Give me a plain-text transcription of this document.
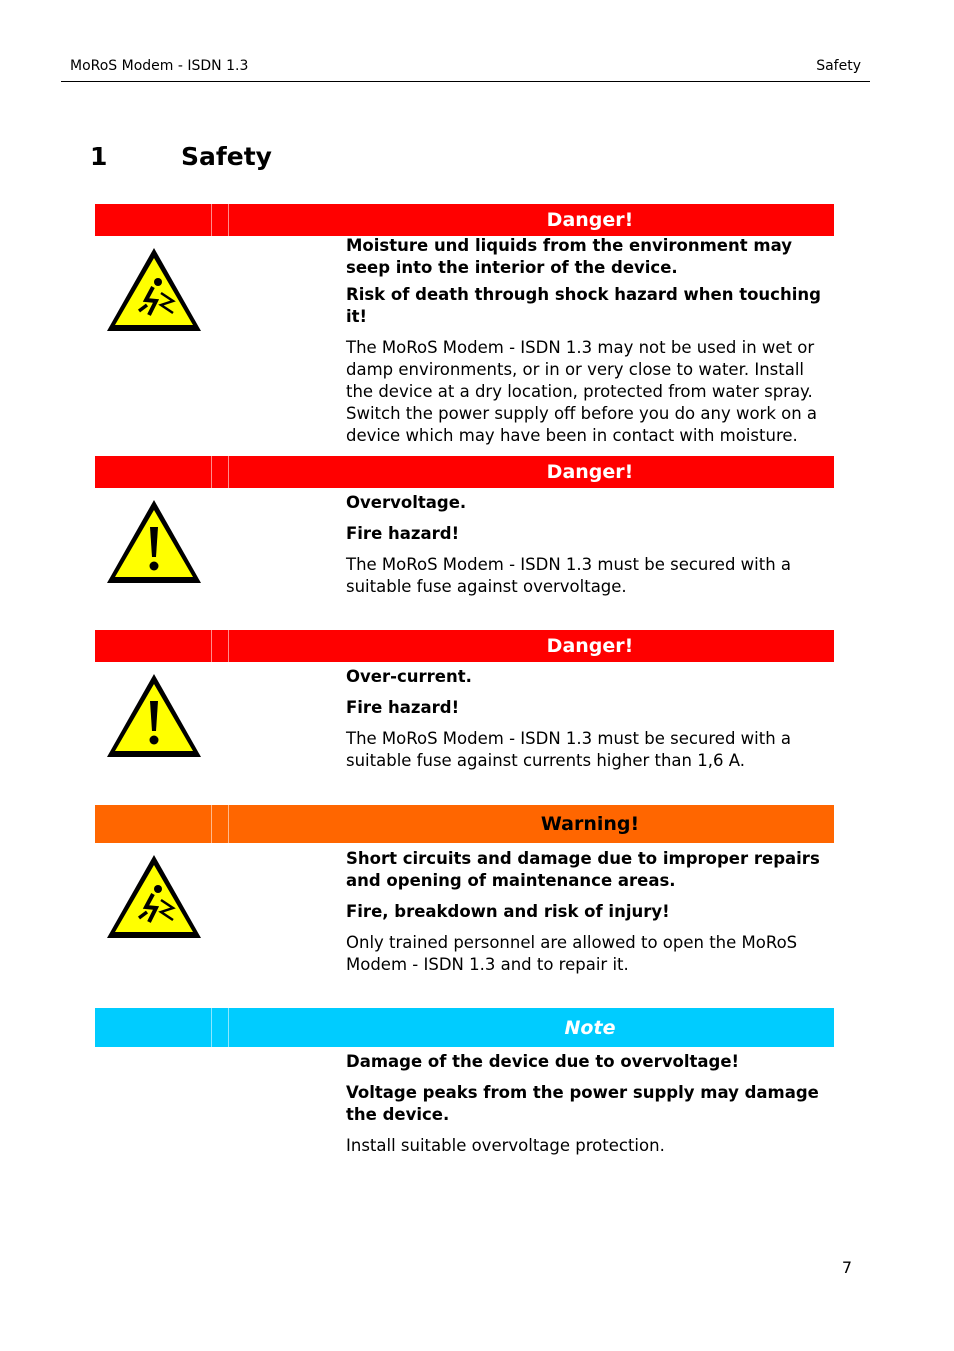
MoRoS Modem - ISDN 1.3	Safety
1	Safety
Danger!

Moisture und liquids from the environment may seep into the interior of the device.

Risk of death through shock hazard when touching it!

The MoRoS Modem - ISDN 1.3 may not be used in wet or damp environments, or in or very close to water. Install the device at a dry location, protected from water spray. Switch the power supply off before you do any work on a device which may have been in contact with moisture.

Danger!

Overvoltage.

Fire hazard!

The MoRoS Modem - ISDN 1.3 must be secured with a suitable fuse against overvoltage.

Danger!

Over-current.

Fire hazard!

The MoRoS Modem - ISDN 1.3 must be secured with a suitable fuse against currents higher than 1,6 A.

Warning!

Short circuits and damage due to improper repairs and opening of maintenance areas.

Fire, breakdown and risk of injury!

Only trained personnel are allowed to open the MoRoS Modem - ISDN 1.3 and to repair it.

Note

Damage of the device due to overvoltage!

Voltage peaks from the power supply may damage the device.

Install suitable overvoltage protection.

7
